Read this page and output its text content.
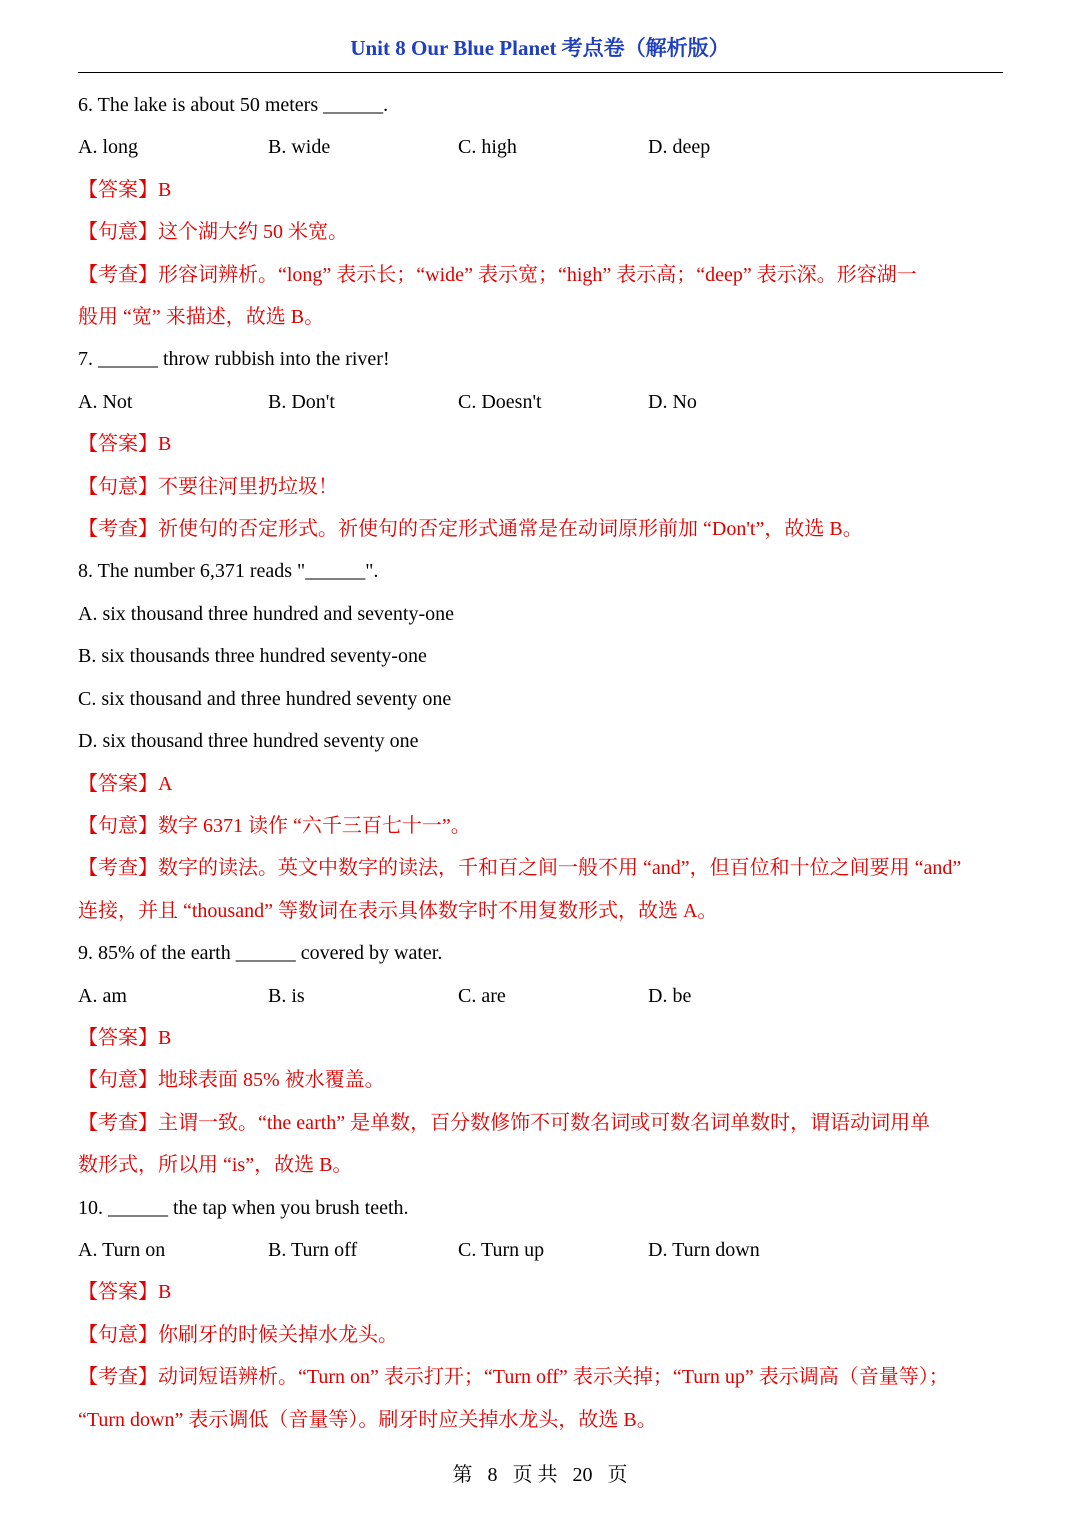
Unit 8 Our Blue Planet 考点卷（解析版）
6. The lake is about 50 meters ______.
A. long	B. wide	C. high	D. deep
【答案】B
【句意】这个湖大约 50 米宽。
【考查】形容词辨析。“long” 表示长；“wide” 表示宽；“high” 表示高；“deep” 表示深。形容湖一
般用 “宽” 来描述，故选 B。
7. ______ throw rubbish into the river!
A. Not	B. Don't	C. Doesn't	D. No
【答案】B
【句意】不要往河里扔垃圾！
【考查】祈使句的否定形式。祈使句的否定形式通常是在动词原形前加 “Don't”，故选 B。
8. The number 6,371 reads "______".
A. six thousand three hundred and seventy-one
B. six thousands three hundred seventy-one
C. six thousand and three hundred seventy one
D. six thousand three hundred seventy one
【答案】A
【句意】数字 6371 读作 “六千三百七十一”。
【考查】数字的读法。英文中数字的读法，千和百之间一般不用 “and”，但百位和十位之间要用 “and”
连接，并且 “thousand” 等数词在表示具体数字时不用复数形式，故选 A。
9. 85% of the earth ______ covered by water.
A. am	B. is	C. are	D. be
【答案】B
【句意】地球表面 85% 被水覆盖。
【考查】主谓一致。“the earth” 是单数，百分数修饰不可数名词或可数名词单数时，谓语动词用单
数形式，所以用 “is”，故选 B。
10. ______ the tap when you brush teeth.
A. Turn on	B. Turn off	C. Turn up	D. Turn down
【答案】B
【句意】你刷牙的时候关掉水龙头。
【考查】动词短语辨析。“Turn on” 表示打开；“Turn off” 表示关掉；“Turn up” 表示调高（音量等）；
“Turn down” 表示调低（音量等）。刷牙时应关掉水龙头，故选 B。
第 8 页 共 20 页
